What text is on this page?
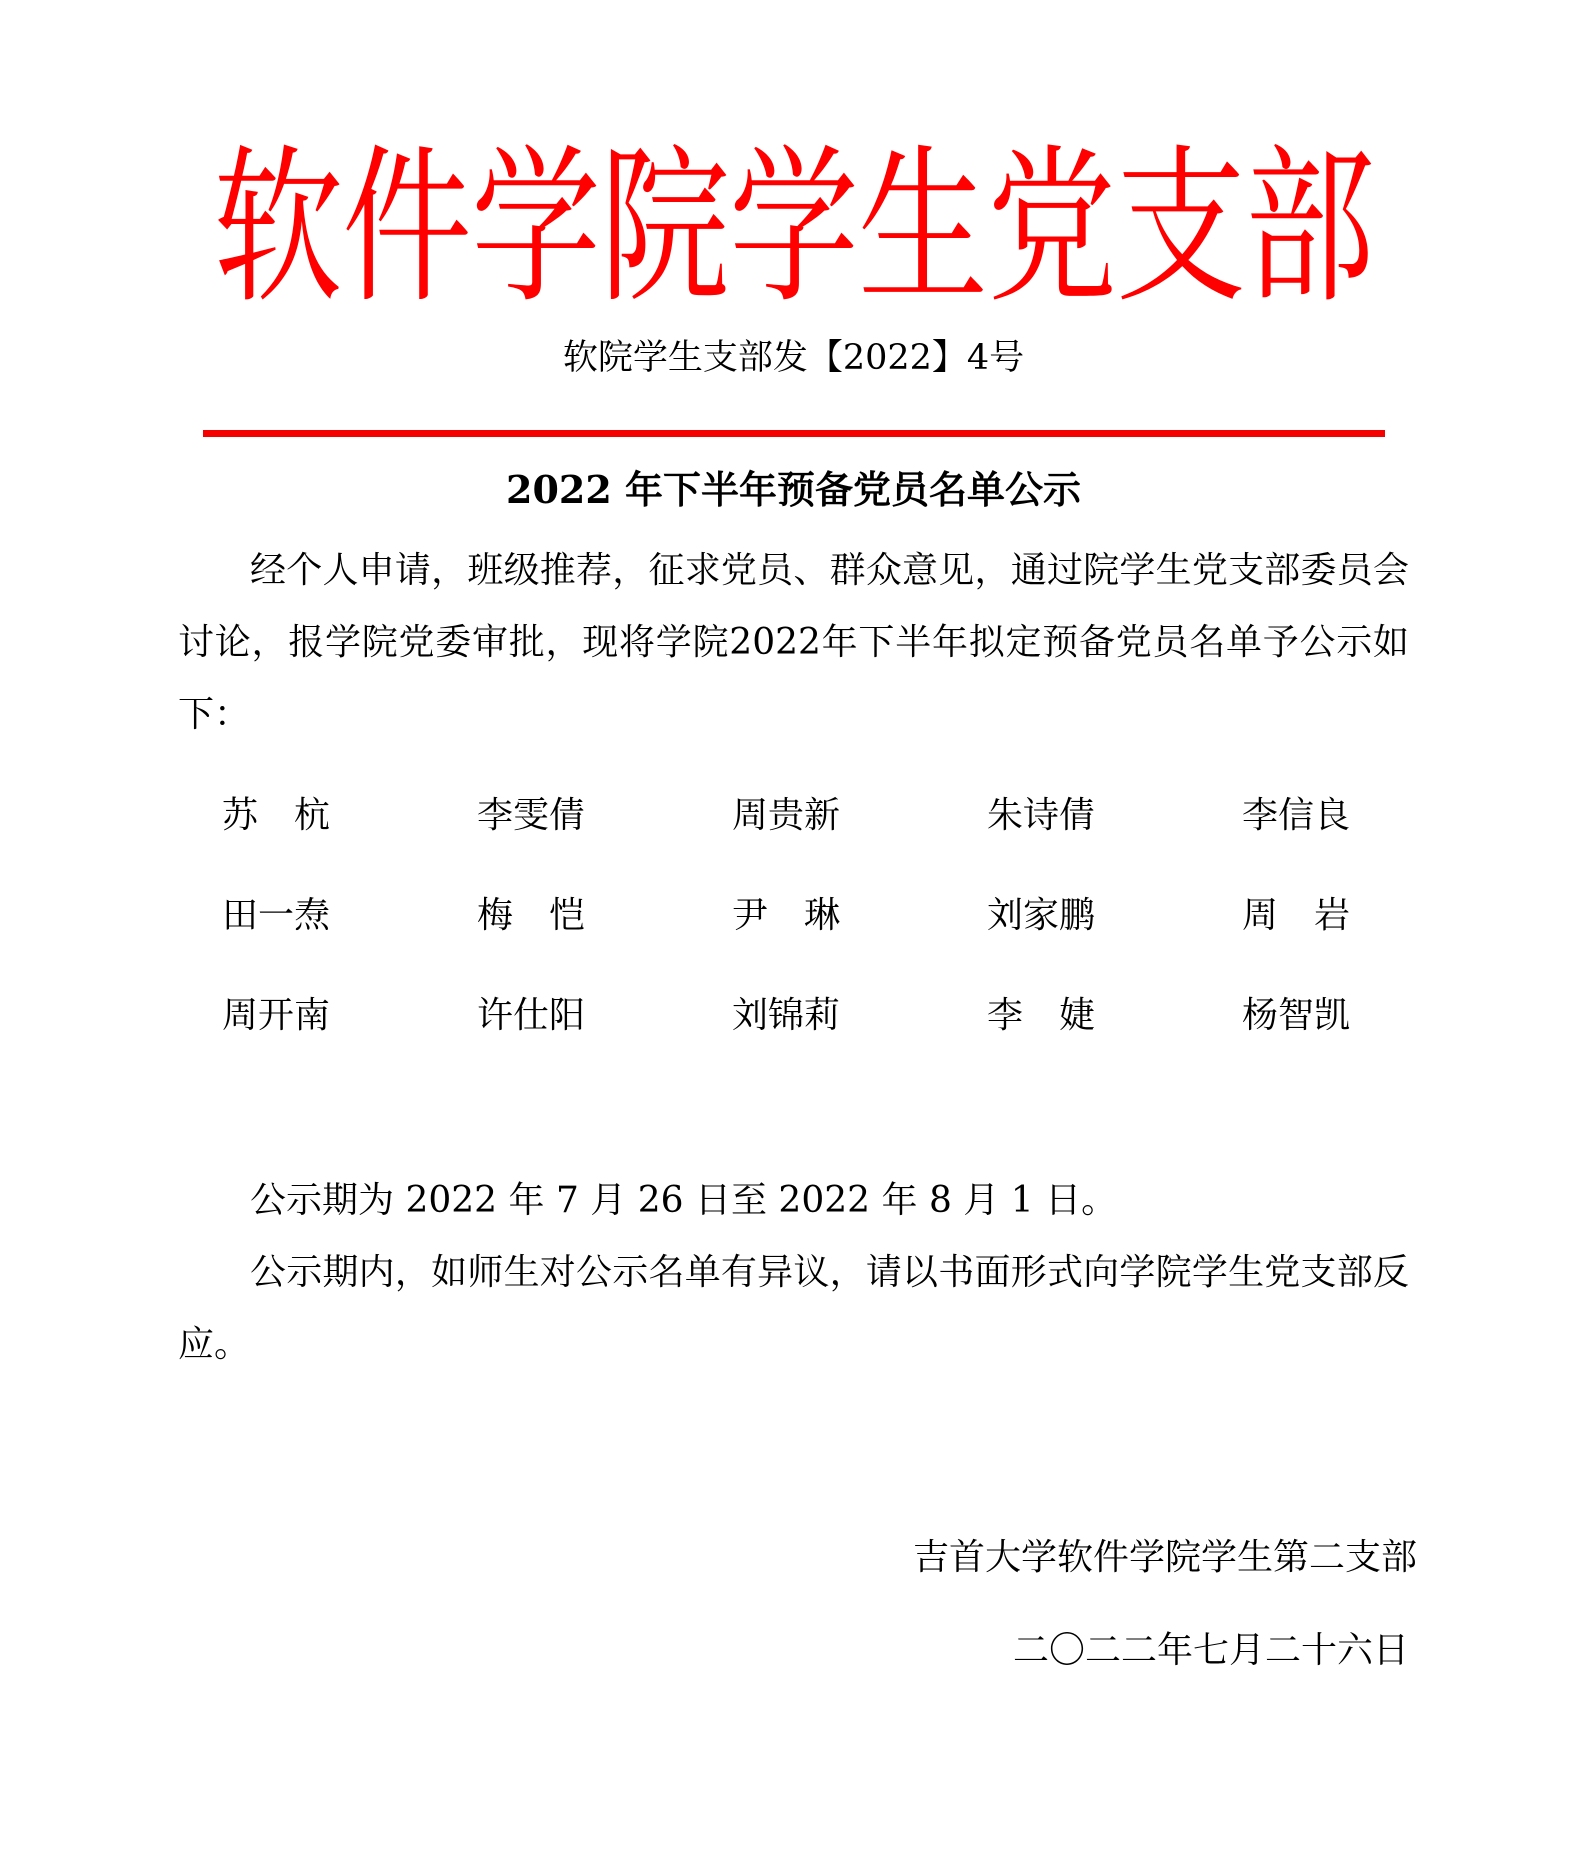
软件学院学生党支部
软院学生支部发【2022】4号
2022 年下半年预备党员名单公示

经个人申请，班级推荐，征求党员、群众意见，通过院学生党支部委员会讨论，报学院党委审批，现将学院2022年下半年拟定预备党员名单予公示如下：

苏　杭	李雯倩	周贵新	朱诗倩	李信良
田一焘	梅　恺	尹　琳	刘家鹏	周　岩
周开南	许仕阳	刘锦莉	李　婕	杨智凯

公示期为 2022 年 7 月 26 日至 2022 年 8 月 1 日。

公示期内，如师生对公示名单有异议，请以书面形式向学院学生党支部反应。

吉首大学软件学院学生第二支部
二〇二二年七月二十六日
